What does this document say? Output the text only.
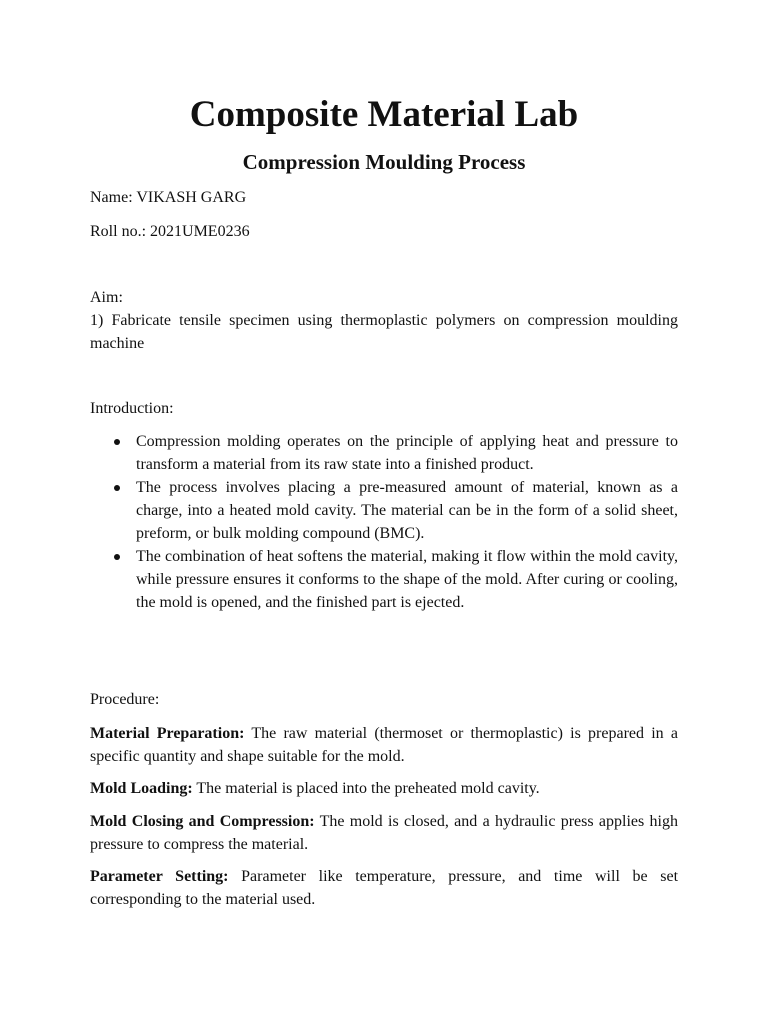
Composite Material Lab
Compression Moulding Process

Name: VIKASH GARG

Roll no.: 2021UME0236

Aim:

1) Fabricate tensile specimen using thermoplastic polymers on compression moulding machine

Introduction:

Compression molding operates on the principle of applying heat and pressure to transform a material from its raw state into a finished product.
The process involves placing a pre-measured amount of material, known as a charge, into a heated mold cavity. The material can be in the form of a solid sheet, preform, or bulk molding compound (BMC).
The combination of heat softens the material, making it flow within the mold cavity, while pressure ensures it conforms to the shape of the mold. After curing or cooling, the mold is opened, and the finished part is ejected.

Procedure:

Material Preparation: The raw material (thermoset or thermoplastic) is prepared in a specific quantity and shape suitable for the mold.

Mold Loading: The material is placed into the preheated mold cavity.

Mold Closing and Compression: The mold is closed, and a hydraulic press applies high pressure to compress the material.

Parameter Setting: Parameter like temperature, pressure, and time will be set corresponding to the material used.
